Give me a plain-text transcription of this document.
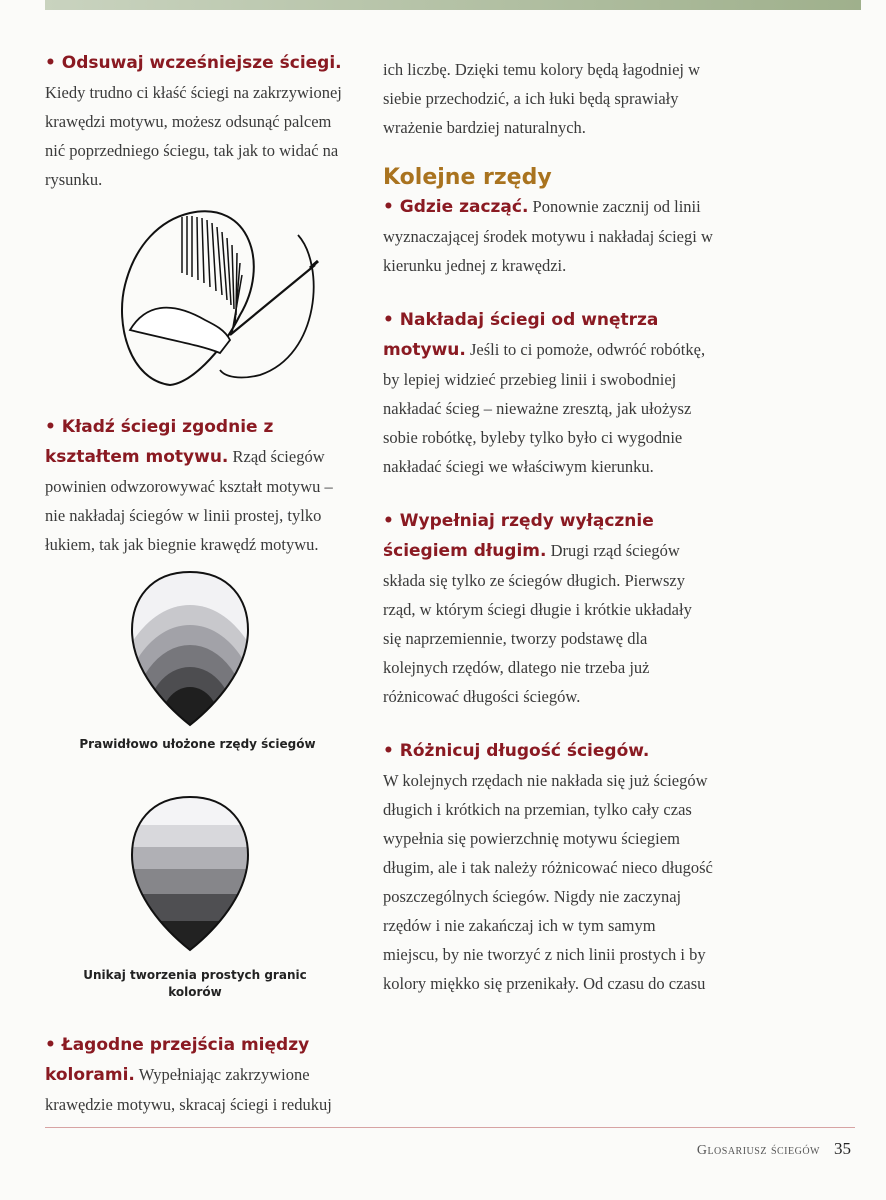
• Odsuwaj wcześniejsze ściegi.
Kiedy trudno ci kłaść ściegi na zakrzywionej krawędzi motywu, możesz odsunąć palcem nić poprzedniego ściegu, tak jak to widać na rysunku.

• Kładź ściegi zgodnie z kształtem motywu. Rząd ściegów powinien odwzorowywać kształt motywu – nie nakładaj ściegów w linii prostej, tylko łukiem, tak jak biegnie krawędź motywu.

Prawidłowo ułożone rzędy ściegów
Unikaj tworzenia prostych granic kolorów

• Łagodne przejścia między kolorami. Wypełniając zakrzywione krawędzie motywu, skracaj ściegi i redukuj

ich liczbę. Dzięki temu kolory będą łagodniej w siebie przechodzić, a ich łuki będą sprawiały wrażenie bardziej naturalnych.

Kolejne rzędy

• Gdzie zacząć. Ponownie zacznij od linii wyznaczającej środek motywu i nakładaj ściegi w kierunku jednej z krawędzi.

• Nakładaj ściegi od wnętrza motywu. Jeśli to ci pomoże, odwróć robótkę, by lepiej widzieć przebieg linii i swobodniej nakładać ścieg – nieważne zresztą, jak ułożysz sobie robótkę, byleby tylko było ci wygodnie nakładać ściegi we właściwym kierunku.

• Wypełniaj rzędy wyłącznie ściegiem długim. Drugi rząd ściegów składa się tylko ze ściegów długich. Pierwszy rząd, w którym ściegi długie i krótkie układały się naprzemiennie, tworzy podstawę dla kolejnych rzędów, dlatego nie trzeba już różnicować długości ściegów.

• Różnicuj długość ściegów.
W kolejnych rzędach nie nakłada się już ściegów długich i krótkich na przemian, tylko cały czas wypełnia się powierzchnię motywu ściegiem długim, ale i tak należy różnicować nieco długość poszczególnych ściegów. Nigdy nie zaczynaj rzędów i nie zakańczaj ich w tym samym miejscu, by nie tworzyć z nich linii prostych i by kolory miękko się przenikały. Od czasu do czasu

Glosariusz ściegów 35
